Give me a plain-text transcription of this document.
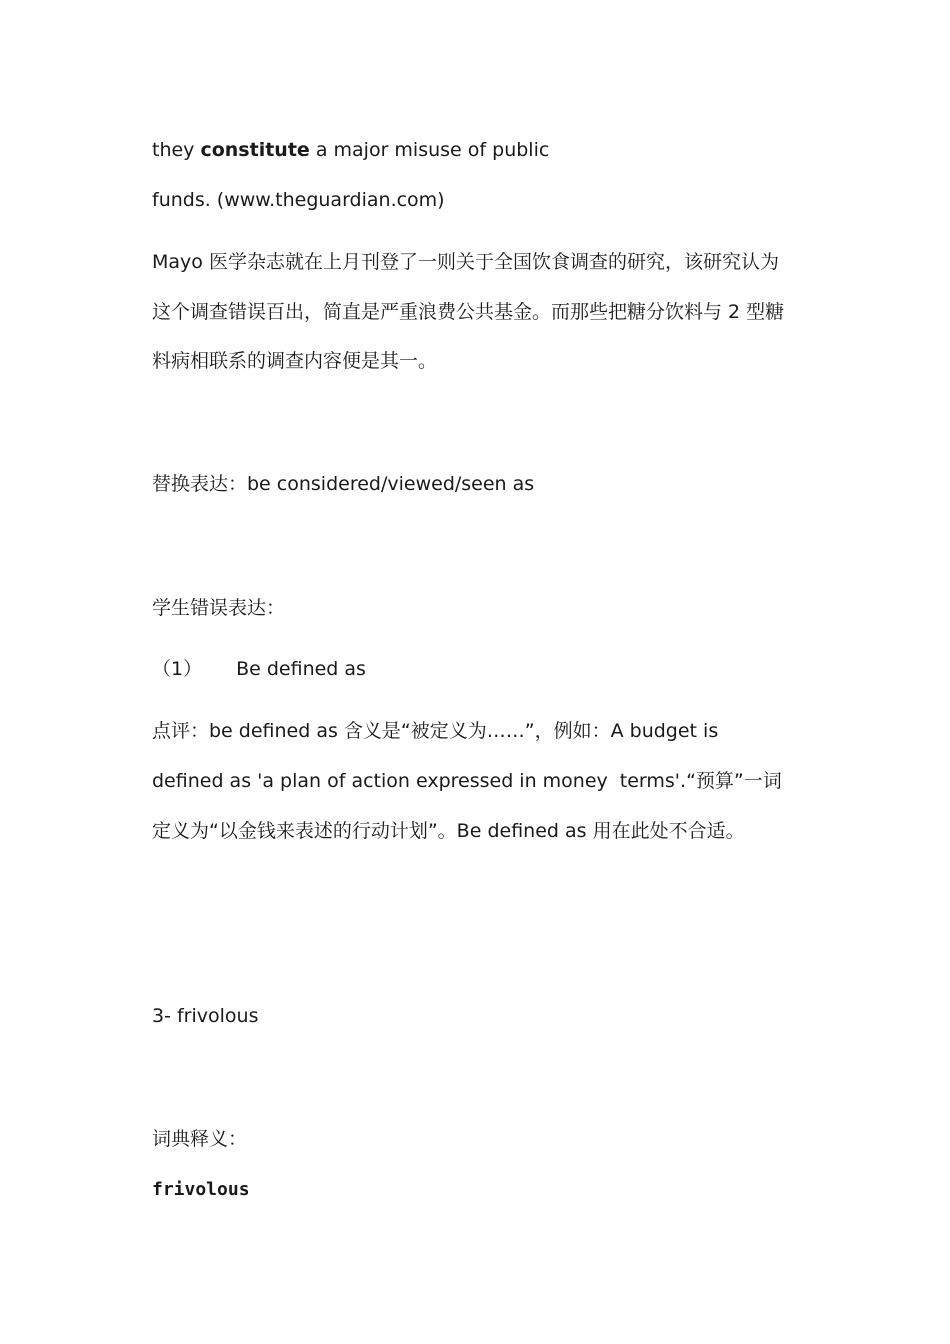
they constitute a major misuse of public
funds. (www.theguardian.com)
Mayo 医学杂志就在上月刊登了一则关于全国饮食调查的研究，该研究认为
这个调查错误百出，简直是严重浪费公共基金。而那些把糖分饮料与 2 型糖
料病相联系的调查内容便是其一。
替换表达：be considered/viewed/seen as
学生错误表达：
（1） Be defined as
点评：be defined as 含义是“被定义为……”，例如：A budget is
defined as 'a plan of action expressed in money terms'.“预算”一词
定义为“以金钱来表述的行动计划”。Be defined as 用在此处不合适。
3- frivolous
词典释义：
frivolous
